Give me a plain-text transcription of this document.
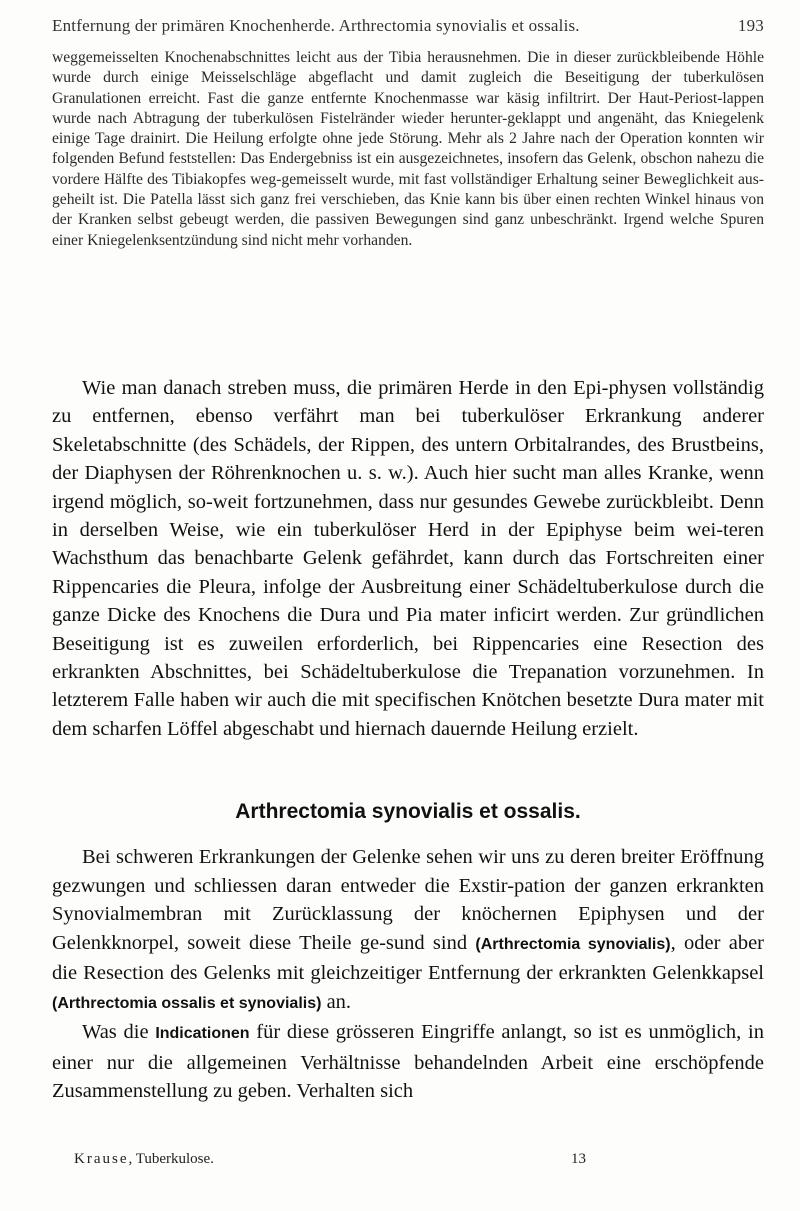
Entfernung der primären Knochenherde. Arthrectomia synovialis et ossalis.	193

weggemeisselten Knochenabschnittes leicht aus der Tibia herausnehmen. Die in dieser zurückbleibende Höhle wurde durch einige Meisselschläge abgeflacht und damit zugleich die Beseitigung der tuberkulösen Granulationen erreicht. Fast die ganze entfernte Knochenmasse war käsig infiltrirt. Der Haut-Periost-lappen wurde nach Abtragung der tuberkulösen Fistelränder wieder herunter-geklappt und angenäht, das Kniegelenk einige Tage drainirt. Die Heilung erfolgte ohne jede Störung. Mehr als 2 Jahre nach der Operation konnten wir folgenden Befund feststellen: Das Endergebniss ist ein ausgezeichnetes, insofern das Gelenk, obschon nahezu die vordere Hälfte des Tibiakopfes weg-gemeisselt wurde, mit fast vollständiger Erhaltung seiner Beweglichkeit aus-geheilt ist. Die Patella lässt sich ganz frei verschieben, das Knie kann bis über einen rechten Winkel hinaus von der Kranken selbst gebeugt werden, die passiven Bewegungen sind ganz unbeschränkt. Irgend welche Spuren einer Kniegelenksentzündung sind nicht mehr vorhanden.

Wie man danach streben muss, die primären Herde in den Epi-physen vollständig zu entfernen, ebenso verfährt man bei tuberkulöser Erkrankung anderer Skeletabschnitte (des Schädels, der Rippen, des untern Orbitalrandes, des Brustbeins, der Diaphysen der Röhrenknochen u. s. w.). Auch hier sucht man alles Kranke, wenn irgend möglich, so-weit fortzunehmen, dass nur gesundes Gewebe zurückbleibt. Denn in derselben Weise, wie ein tuberkulöser Herd in der Epiphyse beim wei-teren Wachsthum das benachbarte Gelenk gefährdet, kann durch das Fortschreiten einer Rippencaries die Pleura, infolge der Ausbreitung einer Schädeltuberkulose durch die ganze Dicke des Knochens die Dura und Pia mater inficirt werden. Zur gründlichen Beseitigung ist es zuweilen erforderlich, bei Rippencaries eine Resection des erkrankten Abschnittes, bei Schädeltuberkulose die Trepanation vorzunehmen. In letzterem Falle haben wir auch die mit specifischen Knötchen besetzte Dura mater mit dem scharfen Löffel abgeschabt und hiernach dauernde Heilung erzielt.

Arthrectomia synovialis et ossalis.

Bei schweren Erkrankungen der Gelenke sehen wir uns zu deren breiter Eröffnung gezwungen und schliessen daran entweder die Exstir-pation der ganzen erkrankten Synovialmembran mit Zurücklassung der knöchernen Epiphysen und der Gelenkknorpel, soweit diese Theile ge-sund sind (Arthrectomia synovialis), oder aber die Resection des Gelenks mit gleichzeitiger Entfernung der erkrankten Gelenkkapsel (Arthrectomia ossalis et synovialis) an.

Was die Indicationen für diese grösseren Eingriffe anlangt, so ist es unmöglich, in einer nur die allgemeinen Verhältnisse behandelnden Arbeit eine erschöpfende Zusammenstellung zu geben. Verhalten sich

Krause, Tuberkulose.	13
